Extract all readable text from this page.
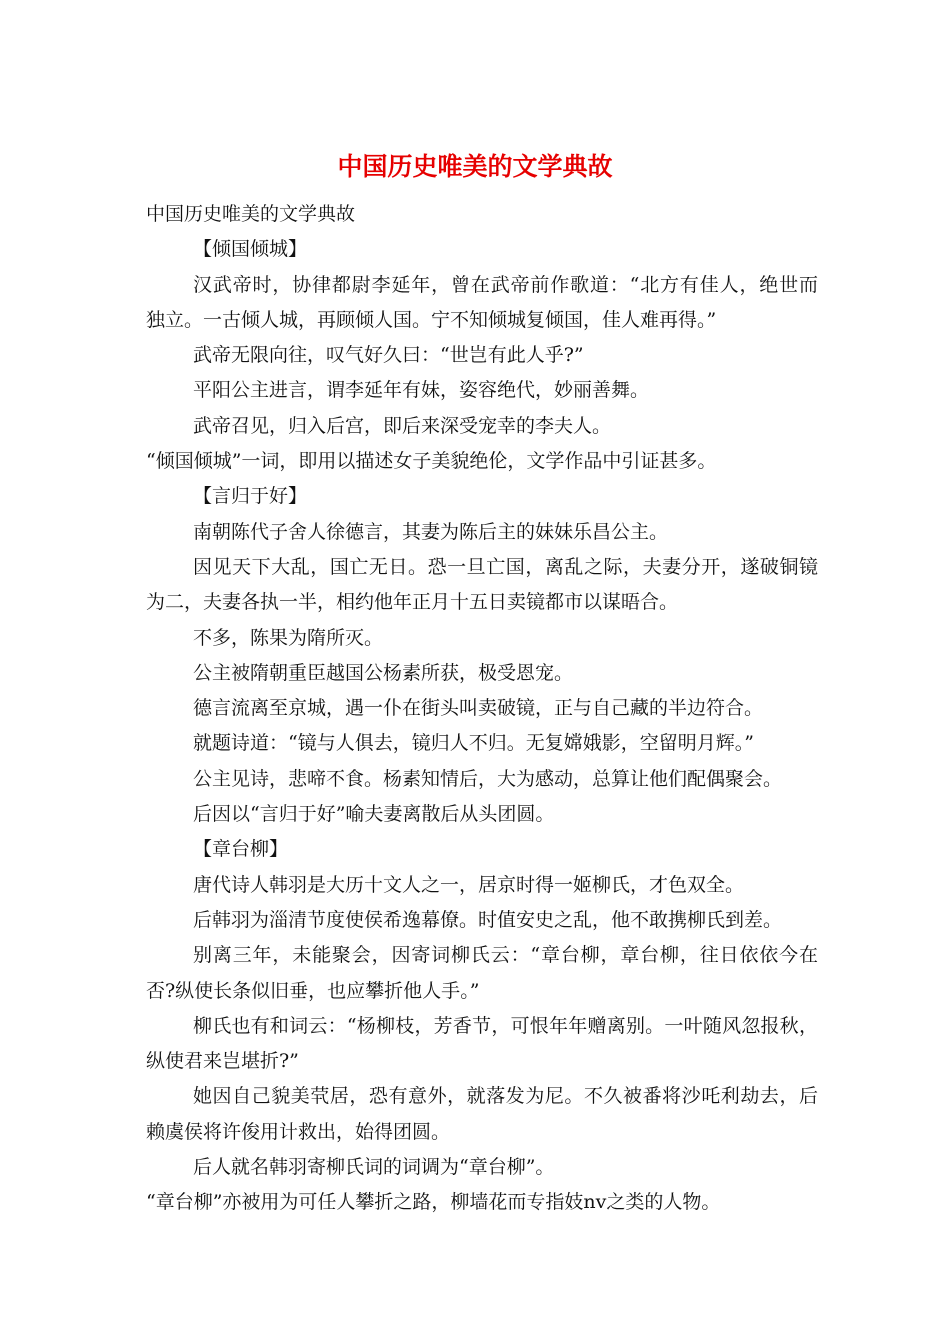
中国历史唯美的文学典故

中国历史唯美的文学典故

【倾国倾城】

汉武帝时，协律都尉李延年，曾在武帝前作歌道：“北方有佳人，绝世而

独立。一古倾人城，再顾倾人国。宁不知倾城复倾国，佳人难再得。”

武帝无限向往，叹气好久曰：“世岂有此人乎?”

平阳公主进言，谓李延年有妹，姿容绝代，妙丽善舞。

武帝召见，归入后宫，即后来深受宠幸的李夫人。

“倾国倾城”一词，即用以描述女子美貌绝伦，文学作品中引证甚多。

【言归于好】

南朝陈代子舍人徐德言，其妻为陈后主的妹妹乐昌公主。

因见天下大乱，国亡无日。恐一旦亡国，离乱之际，夫妻分开，遂破铜镜

为二，夫妻各执一半，相约他年正月十五日卖镜都市以谋晤合。

不多，陈果为隋所灭。

公主被隋朝重臣越国公杨素所获，极受恩宠。

德言流离至京城，遇一仆在街头叫卖破镜，正与自己藏的半边符合。

就题诗道：“镜与人俱去，镜归人不归。无复嫦娥影，空留明月辉。”

公主见诗，悲啼不食。杨素知情后，大为感动，总算让他们配偶聚会。

后因以“言归于好”喻夫妻离散后从头团圆。

【章台柳】

唐代诗人韩羽是大历十文人之一，居京时得一姬柳氏，才色双全。

后韩羽为淄清节度使侯希逸幕僚。时值安史之乱，他不敢携柳氏到差。

别离三年，未能聚会，因寄词柳氏云：“章台柳，章台柳，往日依依今在

否?纵使长条似旧垂，也应攀折他人手。”

柳氏也有和词云：“杨柳枝，芳香节，可恨年年赠离别。一叶随风忽报秋，

纵使君来岂堪折?”

她因自己貌美茕居，恐有意外，就落发为尼。不久被番将沙吒利劫去，后

赖虞侯将许俊用计救出，始得团圆。

后人就名韩羽寄柳氏词的词调为“章台柳”。

“章台柳”亦被用为可任人攀折之路，柳墙花而专指妓nv之类的人物。
